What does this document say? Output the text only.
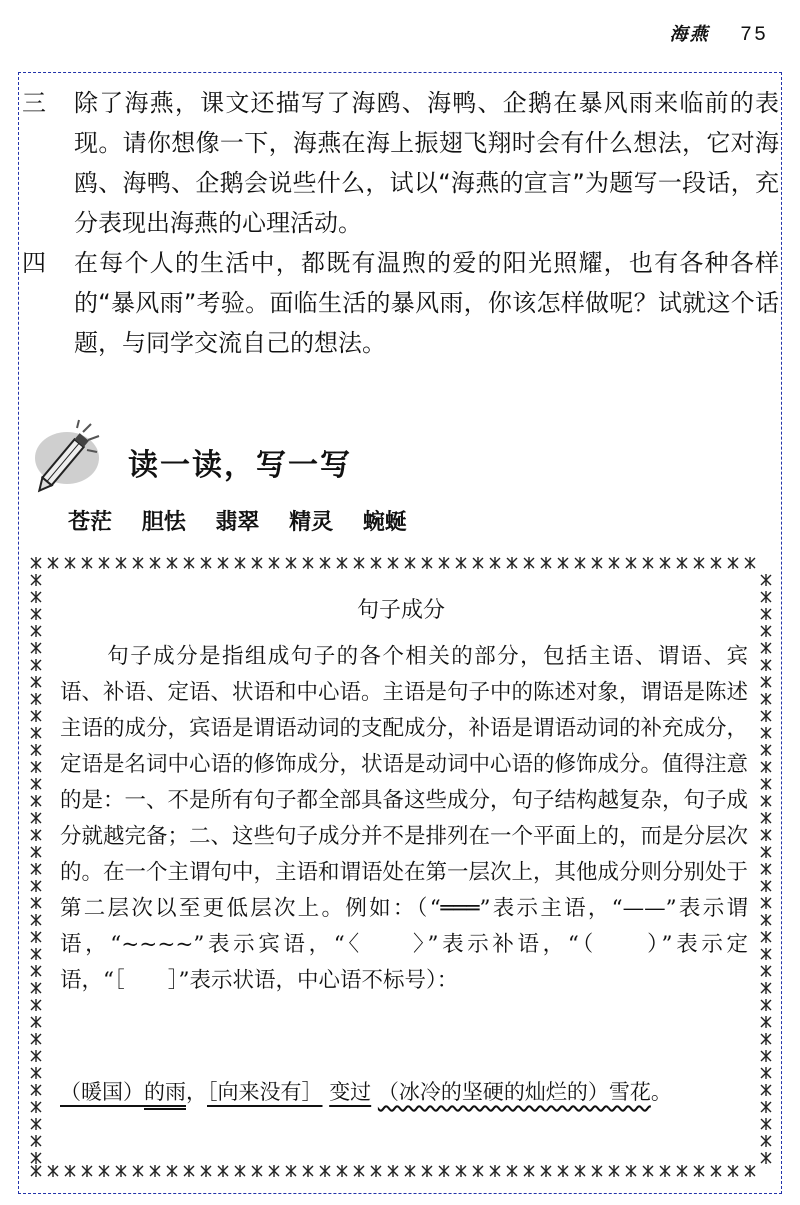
海燕 75
三	除了海燕，课文还描写了海鸥、海鸭、企鹅在暴风雨来临前的表现。请你想像一下，海燕在海上振翅飞翔时会有什么想法，它对海鸥、海鸭、企鹅会说些什么，试以“海燕的宣言”为题写一段话，充分表现出海燕的心理活动。
四	在每个人的生活中，都既有温煦的爱的阳光照耀，也有各种各样的“暴风雨”考验。面临生活的暴风雨，你该怎样做呢？试就这个话题，与同学交流自己的想法。
读一读，写一写
苍茫 胆怯 翡翠 精灵 蜿蜒
句子成分

句子成分是指组成句子的各个相关的部分，包括主语、谓语、宾语、补语、定语、状语和中心语。主语是句子中的陈述对象，谓语是陈述主语的成分，宾语是谓语动词的支配成分，补语是谓语动词的补充成分，定语是名词中心语的修饰成分，状语是动词中心语的修饰成分。值得注意的是：一、不是所有句子都全部具备这些成分，句子结构越复杂，句子成分就越完备；二、这些句子成分并不是排列在一个平面上的，而是分层次的。在一个主谓句中，主语和谓语处在第一层次上，其他成分则分别处于第二层次以至更低层次上。例如：（“═══”表示主语，“——”表示谓语，“~~~~”表示宾语，“〈　　〉”表示补语，“（　　）”表示定语，“［　　］”表示状语，中心语不标号）：

（暖国）的雨，［向来没有］ 变过 （冰冷的坚硬的灿烂的）雪花。
